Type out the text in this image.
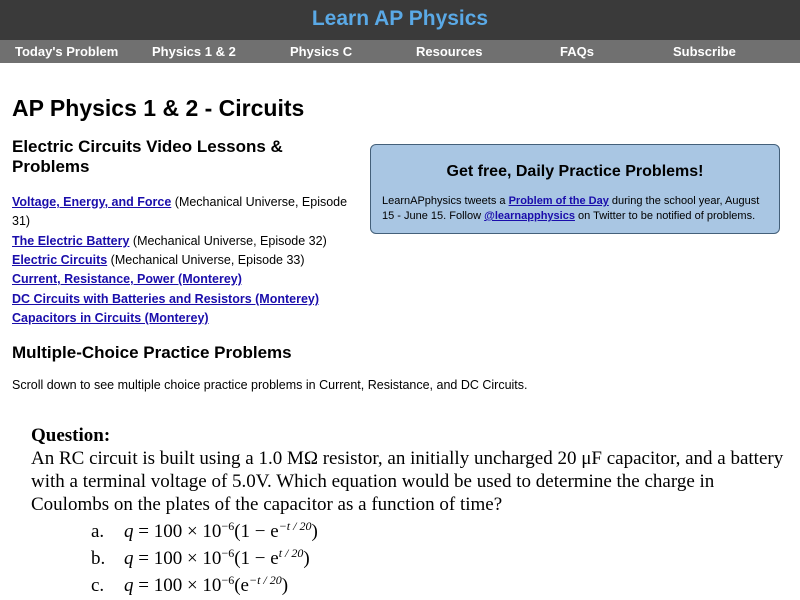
Learn AP Physics
Today's Problem	Physics 1 & 2	Physics C	Resources	FAQs	Subscribe
AP Physics 1 & 2 - Circuits
Electric Circuits Video Lessons & Problems
Voltage, Energy, and Force (Mechanical Universe, Episode 31)
The Electric Battery (Mechanical Universe, Episode 32)
Electric Circuits (Mechanical Universe, Episode 33)
Current, Resistance, Power (Monterey)
DC Circuits with Batteries and Resistors (Monterey)
Capacitors in Circuits (Monterey)
Get free, Daily Practice Problems!
LearnAPphysics tweets a Problem of the Day during the school year, August 15 - June 15. Follow @learnapphysics on Twitter to be notified of problems.
Multiple-Choice Practice Problems
Scroll down to see multiple choice practice problems in Current, Resistance, and DC Circuits.
Question:
An RC circuit is built using a 1.0 MΩ resistor, an initially uncharged 20 μF capacitor, and a battery with a terminal voltage of 5.0V. Which equation would be used to determine the charge in Coulombs on the plates of the capacitor as a function of time?
a. $q = 100 \times 10^{-6}(1 - e^{-t / 20})$
b. $q = 100 \times 10^{-6}(1 - e^{t / 20})$
c. $q = 100 \times 10^{-6}(e^{-t / 20})$
